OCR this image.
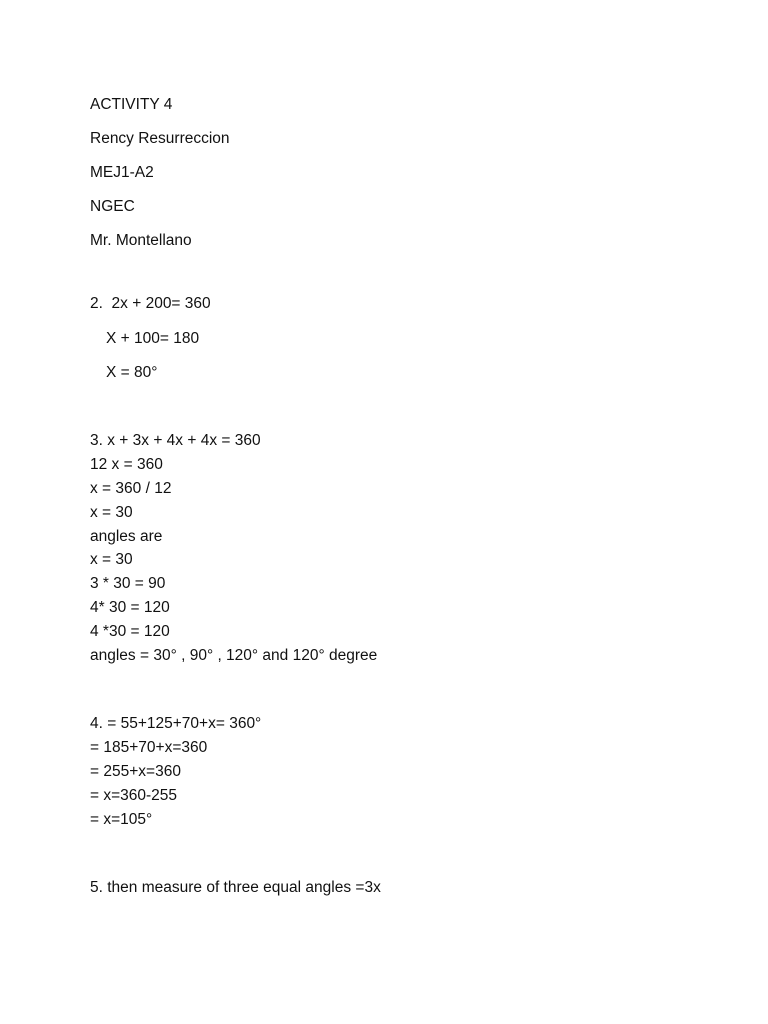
ACTIVITY 4
Rency Resurreccion
MEJ1-A2
NGEC
Mr. Montellano
2.  2x + 200= 360
X + 100= 180
X = 80°
3. x + 3x + 4x + 4x = 360
12 x = 360
x = 360 / 12
x = 30
angles are
x = 30
3 * 30 = 90
4* 30 = 120
4 *30 = 120
angles = 30° , 90° , 120° and 120° degree
4. = 55+125+70+x= 360°
= 185+70+x=360
= 255+x=360
= x=360-255
= x=105°
5. then measure of three equal angles =3x
